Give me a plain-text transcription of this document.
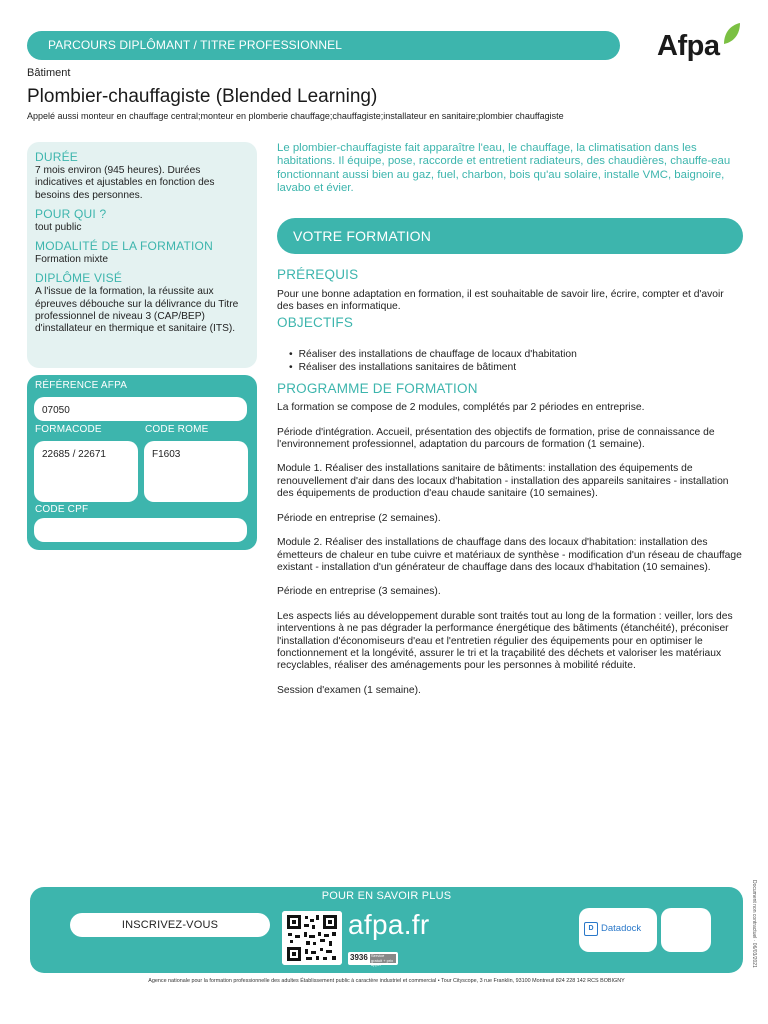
PARCOURS DIPLÔMANT / TITRE PROFESSIONNEL	Afpa
Bâtiment
Plombier-chauffagiste (Blended Learning)
Appelé aussi monteur en chauffage central;monteur en plomberie chauffage;chauffagiste;installateur en sanitaire;plombier chauffagiste
DURÉE
7 mois environ (945 heures). Durées indicatives et ajustables en fonction des besoins des personnes.
POUR QUI ?
tout public
MODALITÉ DE LA FORMATION
Formation mixte
DIPLÔME VISÉ
A l'issue de la formation, la réussite aux épreuves débouche sur la délivrance du Titre professionnel de niveau 3 (CAP/BEP) d'installateur en thermique et sanitaire (ITS).
RÉFÉRENCE AFPA
07050
FORMACODE
22685 / 22671
CODE ROME
F1603
CODE CPF
Le plombier-chauffagiste fait apparaître l'eau, le chauffage, la climatisation dans les habitations. Il équipe, pose, raccorde et entretient radiateurs, des chaudières, chauffe-eau fonctionnant aussi bien au gaz, fuel, charbon, bois qu'au solaire, installe VMC, baignoire, lavabo et évier.
VOTRE FORMATION
PRÉREQUIS
Pour une bonne adaptation en formation, il est souhaitable de savoir lire, écrire, compter et d'avoir des bases en informatique.
OBJECTIFS
• Réaliser des installations de chauffage de locaux d'habitation
• Réaliser des installations sanitaires de bâtiment
PROGRAMME DE FORMATION

La formation se compose de 2 modules, complétés par 2 périodes en entreprise.

Période d'intégration. Accueil, présentation des objectifs de formation, prise de connaissance de l'environnement professionnel, adaptation du parcours de formation (1 semaine).

Module 1. Réaliser des installations sanitaire de bâtiments: installation des équipements de renouvellement d'air dans des locaux d'habitation - installation des appareils sanitaires - installation des équipements de production d'eau chaude sanitaire (10 semaines).

Période en entreprise (2 semaines).

Module 2. Réaliser des installations de chauffage dans des locaux d'habitation: installation des émetteurs de chaleur en tube cuivre et matériaux de synthèse - modification d'un réseau de chauffage existant - installation d'un générateur de chauffage dans des locaux d'habitation (10 semaines).

Période en entreprise (3 semaines).

Les aspects liés au développement durable sont traités tout au long de la formation : veiller, lors des interventions à ne pas dégrader la performance énergétique des bâtiments (étanchéité), préconiser l'installation d'économiseurs d'eau et l'entretien régulier des équipements pour en optimiser le fonctionnement et la longévité, assurer le tri et la traçabilité des déchets et valoriser les matériaux recyclables, réaliser des aménagements pour les personnes à mobilité réduite.

Session d'examen (1 semaine).

POUR EN SAVOIR PLUS
INSCRIVEZ-VOUS	afpa.fr
3936 Service gratuit + prix appel
D Datadock
Agence nationale pour la formation professionnelle des adultes Établissement public à caractère industriel et commercial • Tour Cityscope, 3 rue Franklin, 93100 Montreuil 824 228 142 RCS BOBIGNY
Document non contractuel · 06/03/2021
